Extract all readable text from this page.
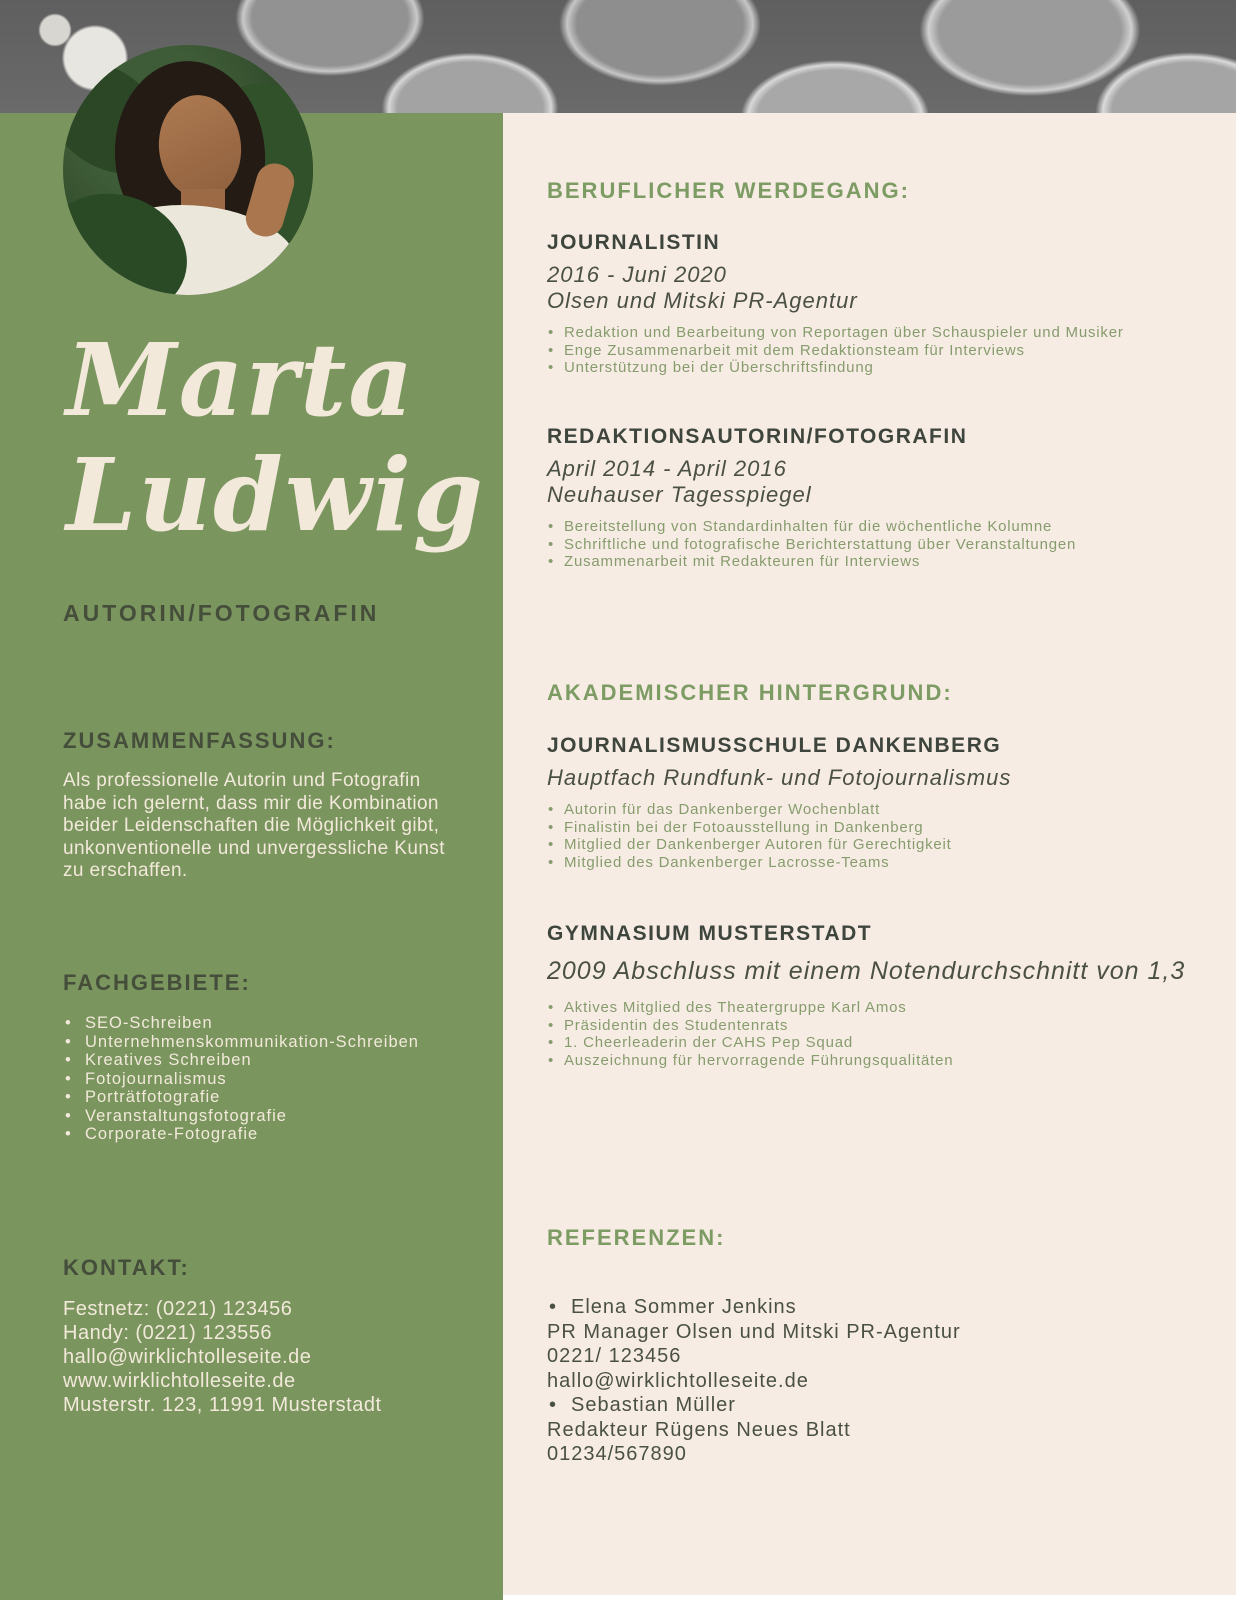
Marta
Ludwig
AUTORIN/FOTOGRAFIN
ZUSAMMENFASSUNG:

Als professionelle Autorin und Fotografin habe ich gelernt, dass mir die Kombination beider Leidenschaften die Möglichkeit gibt, unkonventionelle und unvergessliche Kunst zu erschaffen.

FACHGEBIETE:
• SEO-Schreiben
• Unternehmenskommunikation-Schreiben
• Kreatives Schreiben
• Fotojournalismus
• Porträtfotografie
• Veranstaltungsfotografie
• Corporate-Fotografie
KONTAKT:
Festnetz: (0221) 123456
Handy: (0221) 123556
hallo@wirklichtolleseite.de
www.wirklichtolleseite.de
Musterstr. 123, 11991 Musterstadt
BERUFLICHER WERDEGANG:
JOURNALISTIN
2016 - Juni 2020
Olsen und Mitski PR-Agentur
• Redaktion und Bearbeitung von Reportagen über Schauspieler und Musiker
• Enge Zusammenarbeit mit dem Redaktionsteam für Interviews
• Unterstützung bei der Überschriftsfindung
REDAKTIONSAUTORIN/FOTOGRAFIN
April 2014 - April 2016
Neuhauser Tagesspiegel
• Bereitstellung von Standardinhalten für die wöchentliche Kolumne
• Schriftliche und fotografische Berichterstattung über Veranstaltungen
• Zusammenarbeit mit Redakteuren für Interviews
AKADEMISCHER HINTERGRUND:
JOURNALISMUSSCHULE DANKENBERG
Hauptfach Rundfunk- und Fotojournalismus
• Autorin für das Dankenberger Wochenblatt
• Finalistin bei der Fotoausstellung in Dankenberg
• Mitglied der Dankenberger Autoren für Gerechtigkeit
• Mitglied des Dankenberger Lacrosse-Teams
GYMNASIUM MUSTERSTADT
2009 Abschluss mit einem Notendurchschnitt von 1,3
• Aktives Mitglied des Theatergruppe Karl Amos
• Präsidentin des Studentenrats
• 1. Cheerleaderin der CAHS Pep Squad
• Auszeichnung für hervorragende Führungsqualitäten
REFERENZEN:
• Elena Sommer Jenkins
PR Manager Olsen und Mitski PR-Agentur
0221/ 123456
hallo@wirklichtolleseite.de
• Sebastian Müller
Redakteur Rügens Neues Blatt
01234/567890
